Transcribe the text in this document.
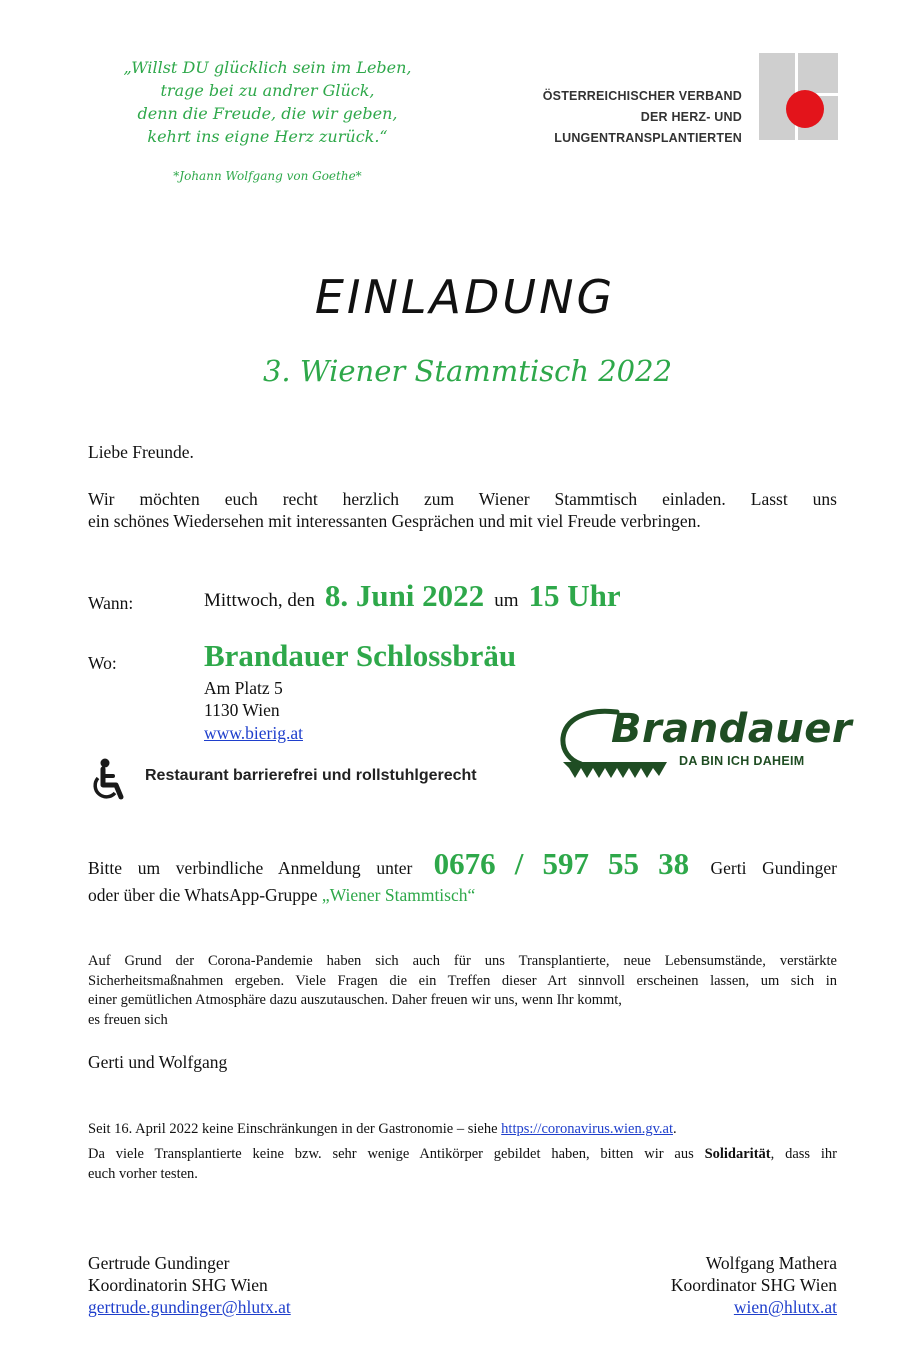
„Willst DU glücklich sein im Leben,
trage bei zu andrer Glück,
denn die Freude, die wir geben,
kehrt ins eigne Herz zurück.“
*Johann Wolfgang von Goethe*
ÖSTERREICHISCHER VERBAND
DER HERZ- UND
LUNGENTRANSPLANTIERTEN
EINLADUNG
3. Wiener Stammtisch 2022
Liebe Freunde.
Wir möchten euch recht herzlich zum Wiener Stammtisch einladen. Lasst uns
ein schönes Wiedersehen mit interessanten Gesprächen und mit viel Freude verbringen.
Wann:	Mittwoch, den 8. Juni 2022 um 15 Uhr
Wo:	Brandauer Schlossbräu
Am Platz 5
1130 Wien
www.bierig.at
Restaurant barrierefrei und rollstuhlgerecht
Brandauer
DA BIN ICH DAHEIM
Bitte um verbindliche Anmeldung unter 0676 / 597 55 38 Gerti Gundinger
oder über die WhatsApp-Gruppe „Wiener Stammtisch“
Auf Grund der Corona-Pandemie haben sich auch für uns Transplantierte, neue Lebensumstände, verstärkte
Sicherheitsmaßnahmen ergeben. Viele Fragen die ein Treffen dieser Art sinnvoll erscheinen lassen, um sich in
einer gemütlichen Atmosphäre dazu auszutauschen. Daher freuen wir uns, wenn Ihr kommt,
es freuen sich
Gerti und Wolfgang
Seit 16. April 2022 keine Einschränkungen in der Gastronomie – siehe https://coronavirus.wien.gv.at.
Da viele Transplantierte keine bzw. sehr wenige Antikörper gebildet haben, bitten wir aus Solidarität, dass ihr
euch vorher testen.
Gertrude Gundinger
Koordinatorin SHG Wien
gertrude.gundinger@hlutx.at
Wolfgang Mathera
Koordinator SHG Wien
wien@hlutx.at
